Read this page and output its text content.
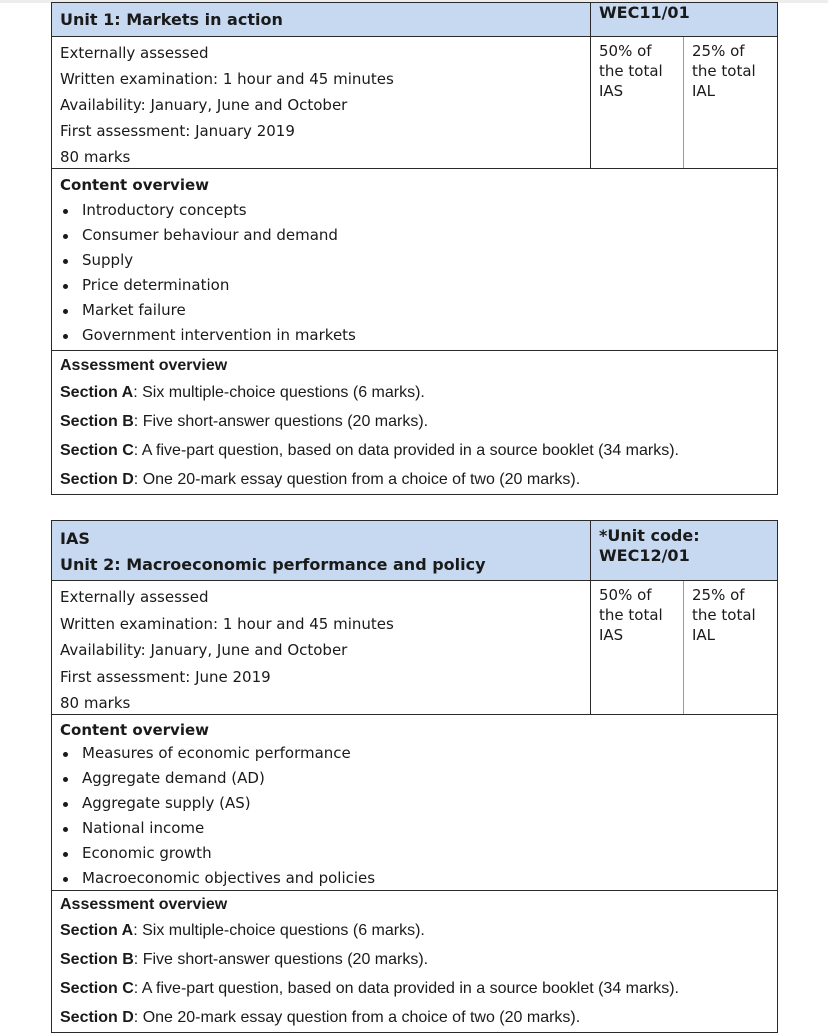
Unit 1: Markets in action	WEC11/01
Externally assessed
Written examination: 1 hour and 45 minutes
Availability: January, June and October
First assessment: January 2019
80 marks
50% of
the total
IAS
25% of
the total
IAL
Content overview
Introductory concepts
Consumer behaviour and demand
Supply
Price determination
Market failure
Government intervention in markets
Assessment overview
Section A: Six multiple-choice questions (6 marks).
Section B: Five short-answer questions (20 marks).
Section C: A five-part question, based on data provided in a source booklet (34 marks).
Section D: One 20-mark essay question from a choice of two (20 marks).
IAS
Unit 2: Macroeconomic performance and policy
*Unit code:
WEC12/01
Externally assessed
Written examination: 1 hour and 45 minutes
Availability: January, June and October
First assessment: June 2019
80 marks
50% of
the total
IAS
25% of
the total
IAL
Content overview
Measures of economic performance
Aggregate demand (AD)
Aggregate supply (AS)
National income
Economic growth
Macroeconomic objectives and policies
Assessment overview
Section A: Six multiple-choice questions (6 marks).
Section B: Five short-answer questions (20 marks).
Section C: A five-part question, based on data provided in a source booklet (34 marks).
Section D: One 20-mark essay question from a choice of two (20 marks).
